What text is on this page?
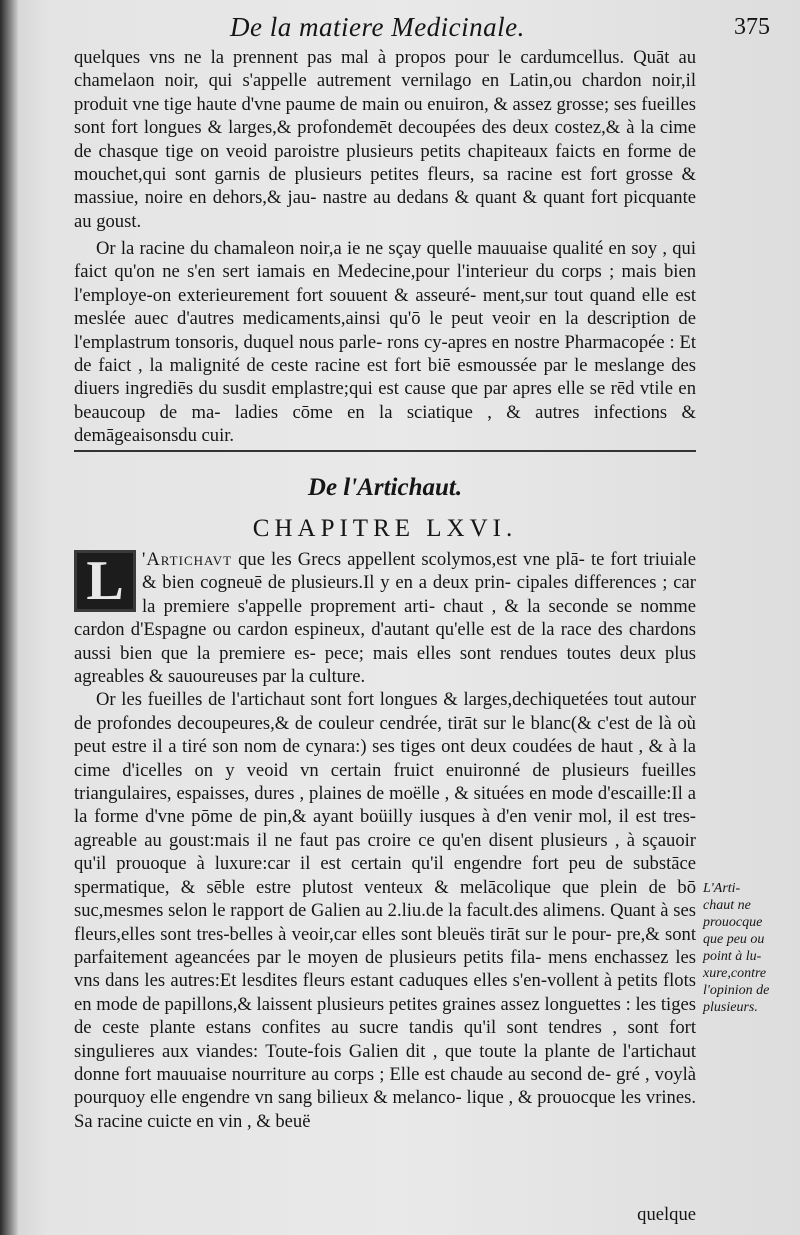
De la matiere Medicinale.	375

quelques vns ne la prennent pas mal à propos pour le cardumcellus. Quāt au chamelaon noir, qui s'appelle autrement vernilago en Latin,ou chardon noir,il produit vne tige haute d'vne paume de main ou enuiron, & assez grosse; ses fueilles sont fort longues & larges,& profondemēt decoupées des deux costez,& à la cime de chasque tige on veoid paroistre plusieurs petits chapiteaux faicts en forme de mouchet,qui sont garnis de plusieurs petites fleurs, sa racine est fort grosse & massiue, noire en dehors,& jau- nastre au dedans & quant & quant fort picquante au goust.

Or la racine du chamaleon noir,a ie ne sçay quelle mauuaise qualité en soy , qui faict qu'on ne s'en sert iamais en Medecine,pour l'interieur du corps ; mais bien l'employe-on exterieurement fort souuent & asseuré- ment,sur tout quand elle est meslée auec d'autres medicaments,ainsi qu'ō le peut veoir en la description de l'emplastrum tonsoris, duquel nous parle- rons cy-apres en nostre Pharmacopée : Et de faict , la malignité de ceste racine est fort biē esmoussée par le meslange des diuers ingrediēs du susdit emplastre;qui est cause que par apres elle se rēd vtile en beaucoup de ma- ladies cōme en la sciatique , & autres infections & demāgeaisonsdu cuir.

De l'Artichaut.
CHAPITRE LXVI.

L 'Artichavt que les Grecs appellent scolymos,est vne plā- te fort triuiale & bien cogneuē de plusieurs.Il y en a deux prin- cipales differences ; car la premiere s'appelle proprement arti- chaut , & la seconde se nomme cardon d'Espagne ou cardon espineux, d'autant qu'elle est de la race des chardons aussi bien que la premiere es- pece; mais elles sont rendues toutes deux plus agreables & sauoureuses par la culture.

Or les fueilles de l'artichaut sont fort longues & larges,dechiquetées tout autour de profondes decoupeures,& de couleur cendrée, tirāt sur le blanc(& c'est de là où peut estre il a tiré son nom de cynara:) ses tiges ont deux coudées de haut , & à la cime d'icelles on y veoid vn certain fruict enuironné de plusieurs fueilles triangulaires, espaisses, dures , plaines de moëlle , & situées en mode d'escaille:Il a la forme d'vne pōme de pin,& ayant boüilly iusques à d'en venir mol, il est tres-agreable au goust:mais il ne faut pas croire ce qu'en disent plusieurs , à sçauoir qu'il prouoque à luxure:car il est certain qu'il engendre fort peu de substāce spermatique, & sēble estre plutost venteux & melācolique que plein de bō suc,mesmes selon le rapport de Galien au 2.liu.de la facult.des alimens. Quant à ses fleurs,elles sont tres-belles à veoir,car elles sont bleuës tirāt sur le pour- pre,& sont parfaitement ageancées par le moyen de plusieurs petits fila- mens enchassez les vns dans les autres:Et lesdites fleurs estant caduques elles s'en-vollent à petits flots en mode de papillons,& laissent plusieurs petites graines assez longuettes : les tiges de ceste plante estans confites au sucre tandis qu'il sont tendres , sont fort singulieres aux viandes: Toute-fois Galien dit , que toute la plante de l'artichaut donne fort mauuaise nourriture au corps ; Elle est chaude au second de- gré , voylà pourquoy elle engendre vn sang bilieux & melanco- lique , & prouocque les vrines. Sa racine cuicte en vin , & beuë

L'Arti-
chaut ne
prouocque
que peu ou
point à lu-
xure,contre
l'opinion de
plusieurs.
quelque
